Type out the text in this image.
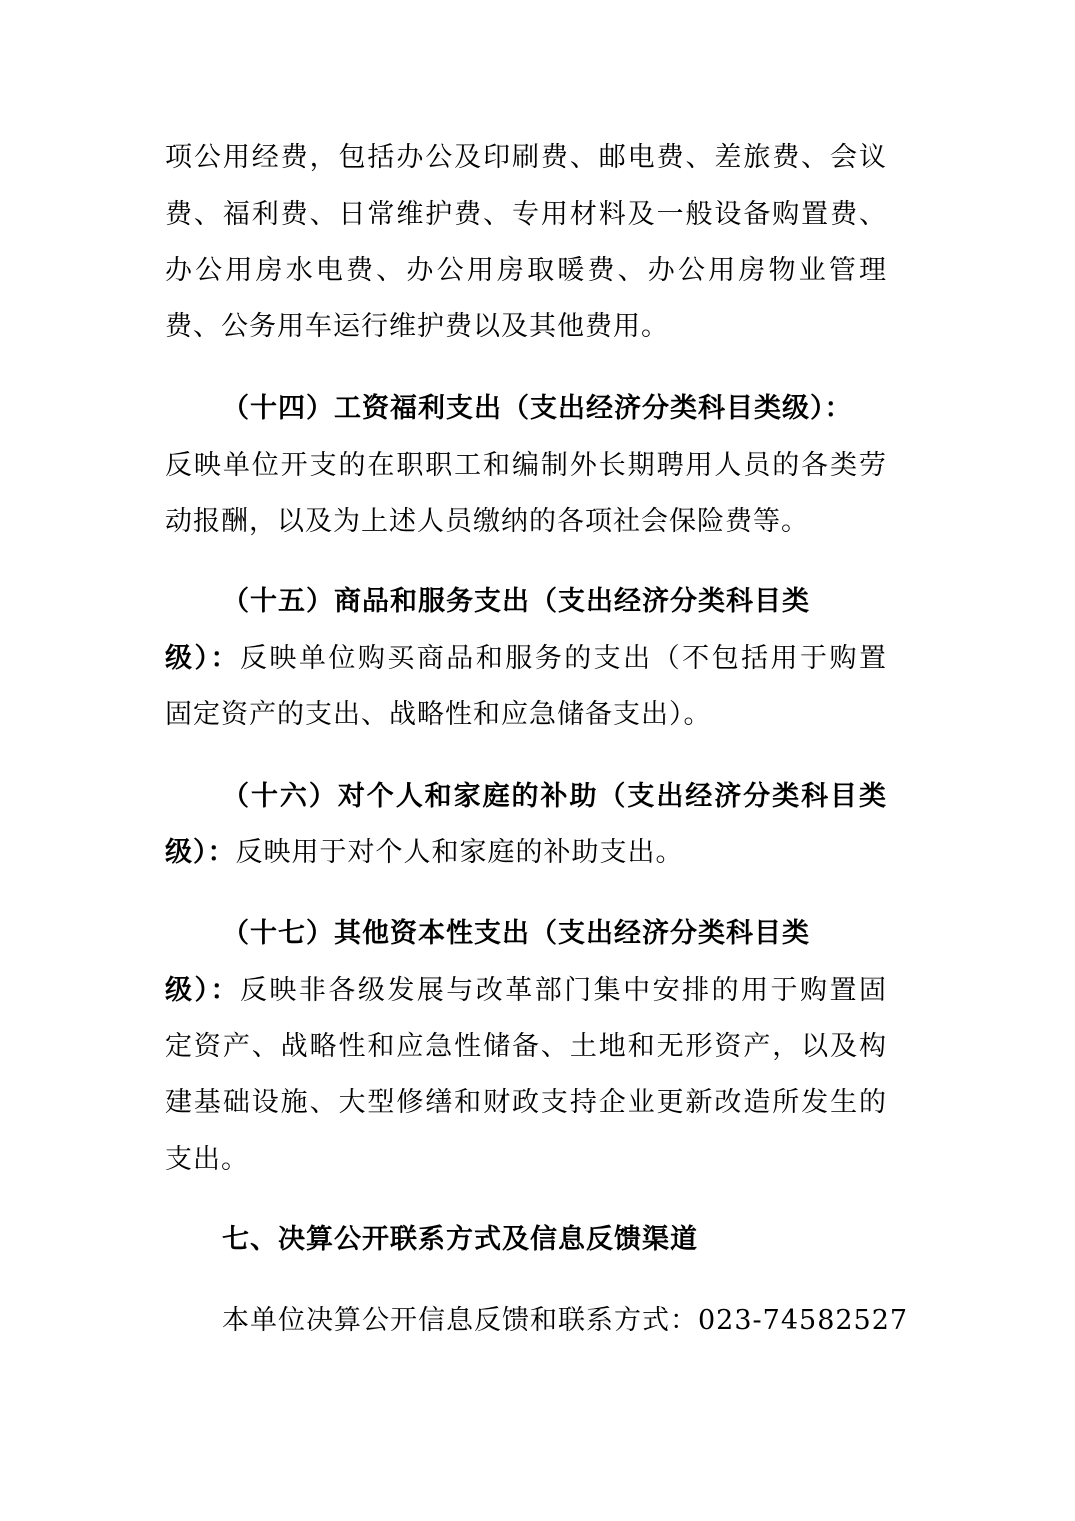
项公用经费，包括办公及印刷费、邮电费、差旅费、会议
费、福利费、日常维护费、专用材料及一般设备购置费、
办公用房水电费、办公用房取暖费、办公用房物业管理
费、公务用车运行维护费以及其他费用。
（十四）工资福利支出（支出经济分类科目类级）：
反映单位开支的在职职工和编制外长期聘用人员的各类劳
动报酬，以及为上述人员缴纳的各项社会保险费等。
（十五）商品和服务支出（支出经济分类科目类
级）：反映单位购买商品和服务的支出（不包括用于购置
固定资产的支出、战略性和应急储备支出）。
（十六）对个人和家庭的补助（支出经济分类科目类
级）：反映用于对个人和家庭的补助支出。
（十七）其他资本性支出（支出经济分类科目类
级）：反映非各级发展与改革部门集中安排的用于购置固
定资产、战略性和应急性储备、土地和无形资产，以及构
建基础设施、大型修缮和财政支持企业更新改造所发生的
支出。
七、决算公开联系方式及信息反馈渠道
本单位决算公开信息反馈和联系方式：023-74582527
